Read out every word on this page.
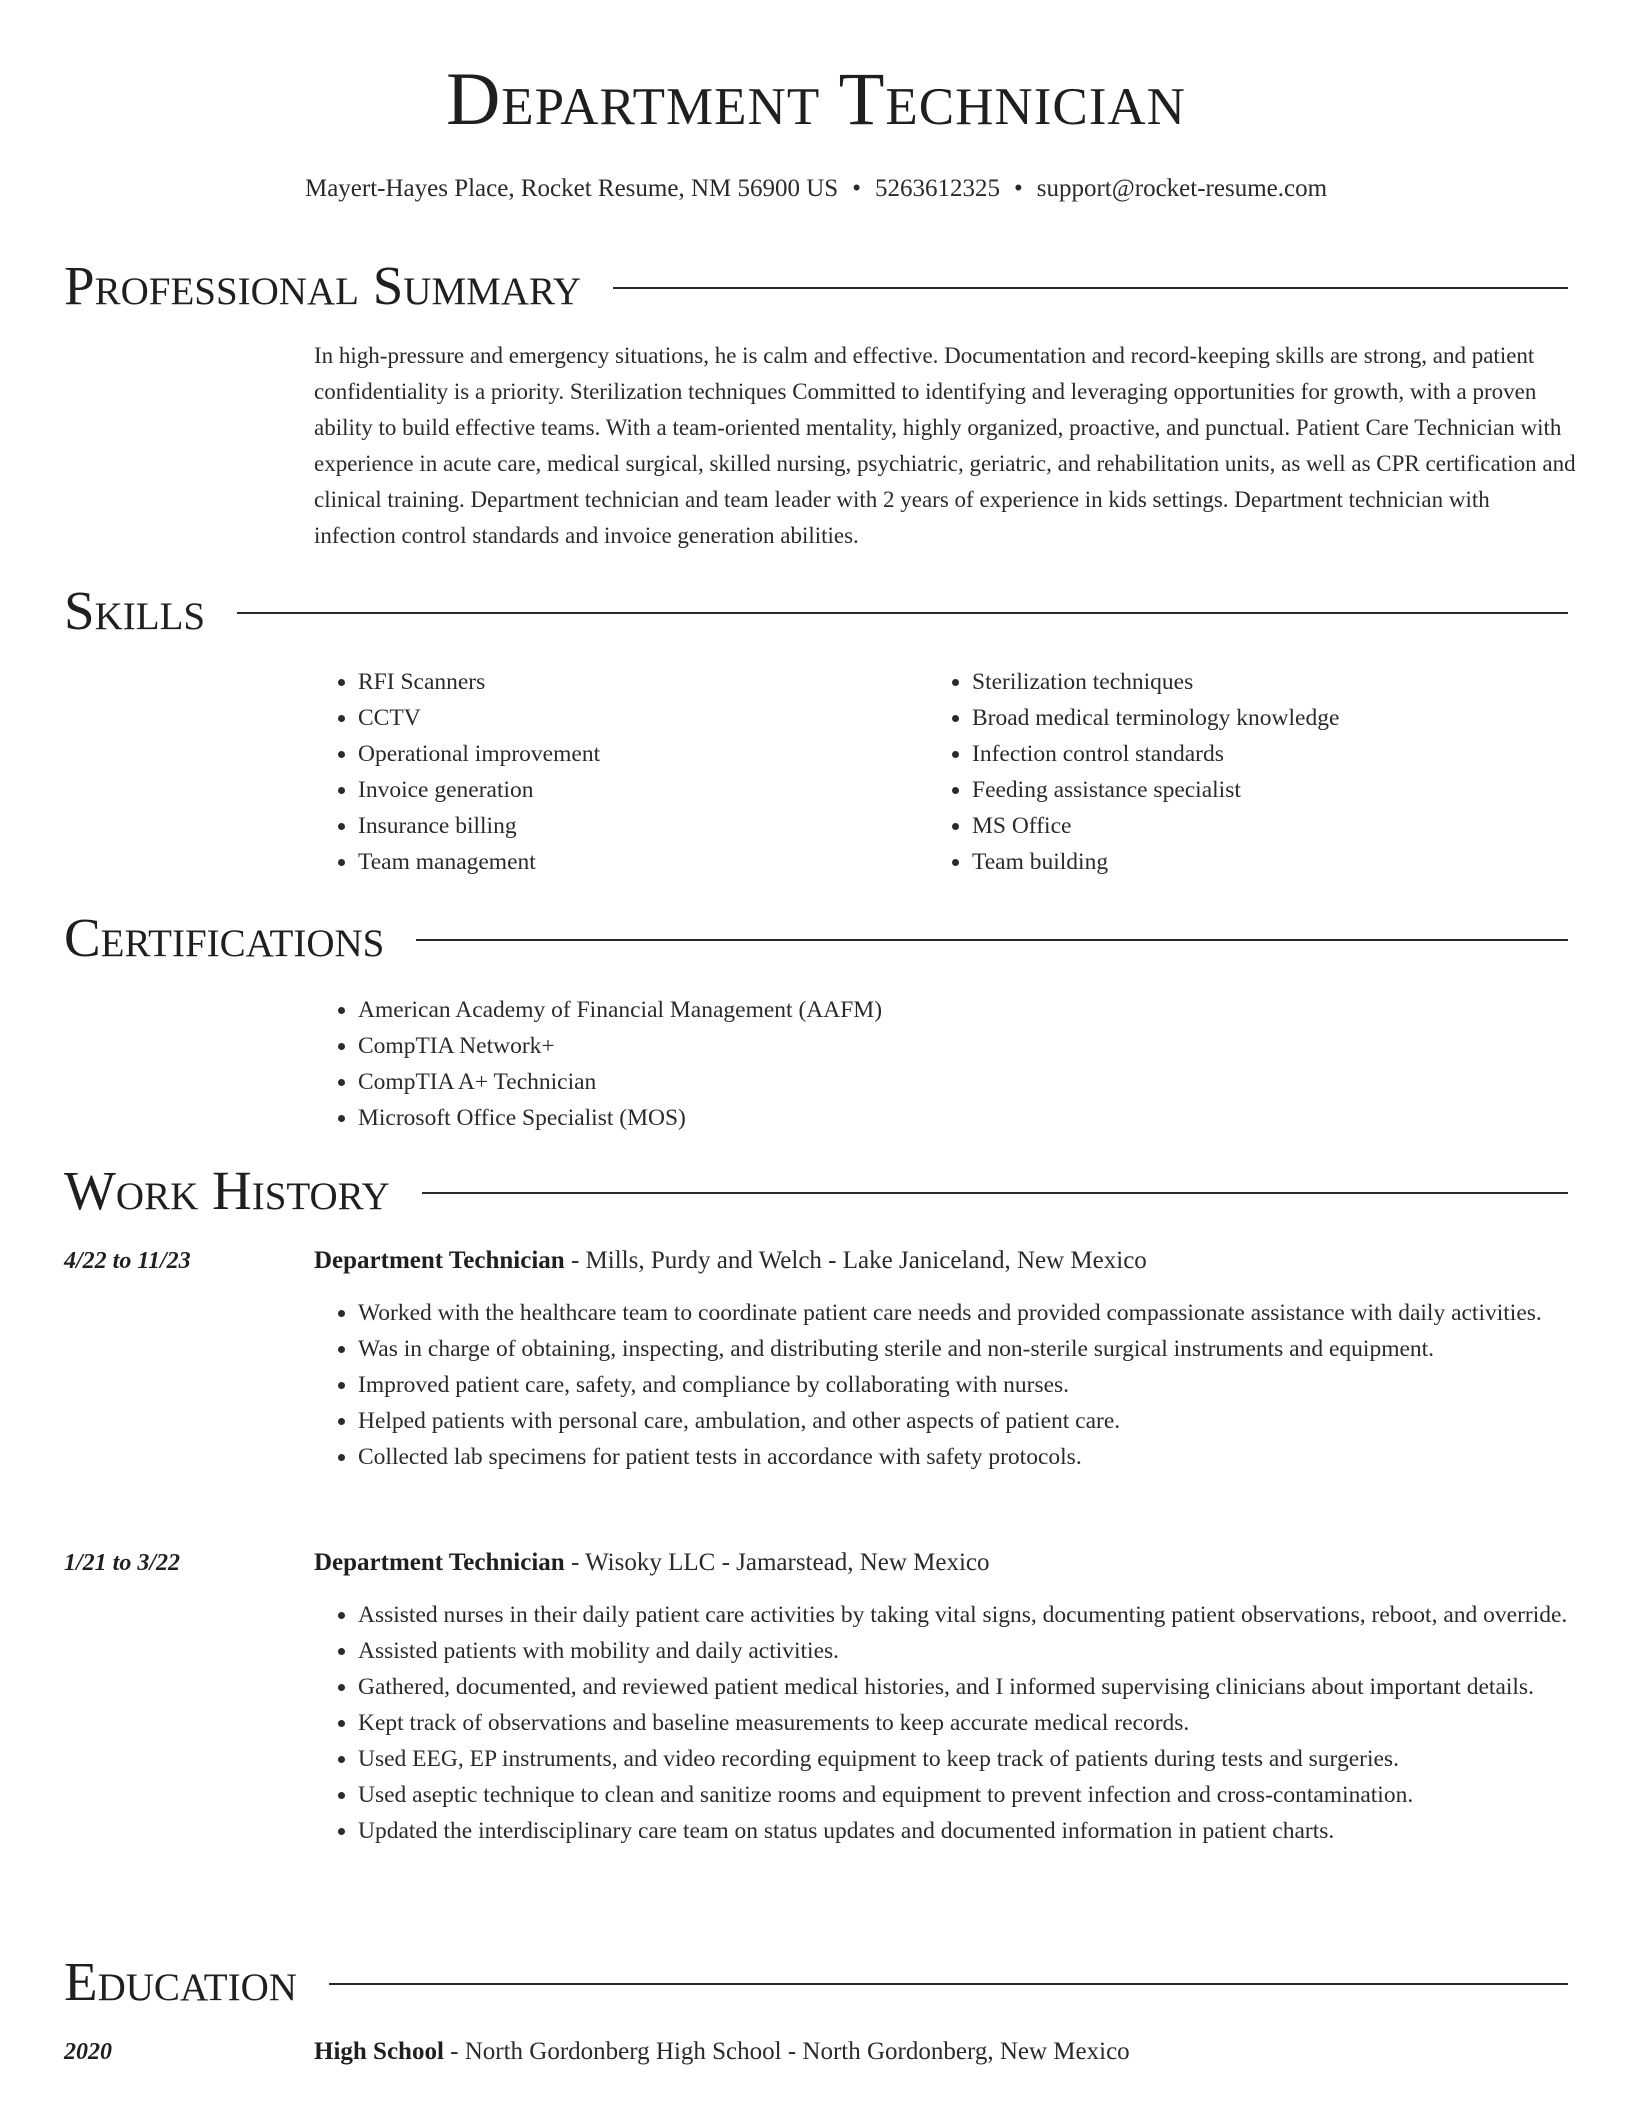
Department Technician
Mayert-Hayes Place, Rocket Resume, NM 56900 US • 5263612325 • support@rocket-resume.com
Professional Summary
In high-pressure and emergency situations, he is calm and effective. Documentation and record-keeping skills are strong, and patient confidentiality is a priority. Sterilization techniques Committed to identifying and leveraging opportunities for growth, with a proven ability to build effective teams. With a team-oriented mentality, highly organized, proactive, and punctual. Patient Care Technician with experience in acute care, medical surgical, skilled nursing, psychiatric, geriatric, and rehabilitation units, as well as CPR certification and clinical training. Department technician and team leader with 2 years of experience in kids settings. Department technician with infection control standards and invoice generation abilities.
Skills
• RFI Scanners
• CCTV
• Operational improvement
• Invoice generation
• Insurance billing
• Team management
• Sterilization techniques
• Broad medical terminology knowledge
• Infection control standards
• Feeding assistance specialist
• MS Office
• Team building
Certifications
• American Academy of Financial Management (AAFM)
• CompTIA Network+
• CompTIA A+ Technician
• Microsoft Office Specialist (MOS)
Work History
4/22 to 11/23	Department Technician - Mills, Purdy and Welch - Lake Janiceland, New Mexico
• Worked with the healthcare team to coordinate patient care needs and provided compassionate assistance with daily activities.
• Was in charge of obtaining, inspecting, and distributing sterile and non-sterile surgical instruments and equipment.
• Improved patient care, safety, and compliance by collaborating with nurses.
• Helped patients with personal care, ambulation, and other aspects of patient care.
• Collected lab specimens for patient tests in accordance with safety protocols.
1/21 to 3/22	Department Technician - Wisoky LLC - Jamarstead, New Mexico
• Assisted nurses in their daily patient care activities by taking vital signs, documenting patient observations, reboot, and override.
• Assisted patients with mobility and daily activities.
• Gathered, documented, and reviewed patient medical histories, and I informed supervising clinicians about important details.
• Kept track of observations and baseline measurements to keep accurate medical records.
• Used EEG, EP instruments, and video recording equipment to keep track of patients during tests and surgeries.
• Used aseptic technique to clean and sanitize rooms and equipment to prevent infection and cross-contamination.
• Updated the interdisciplinary care team on status updates and documented information in patient charts.
Education
2020	High School - North Gordonberg High School - North Gordonberg, New Mexico
